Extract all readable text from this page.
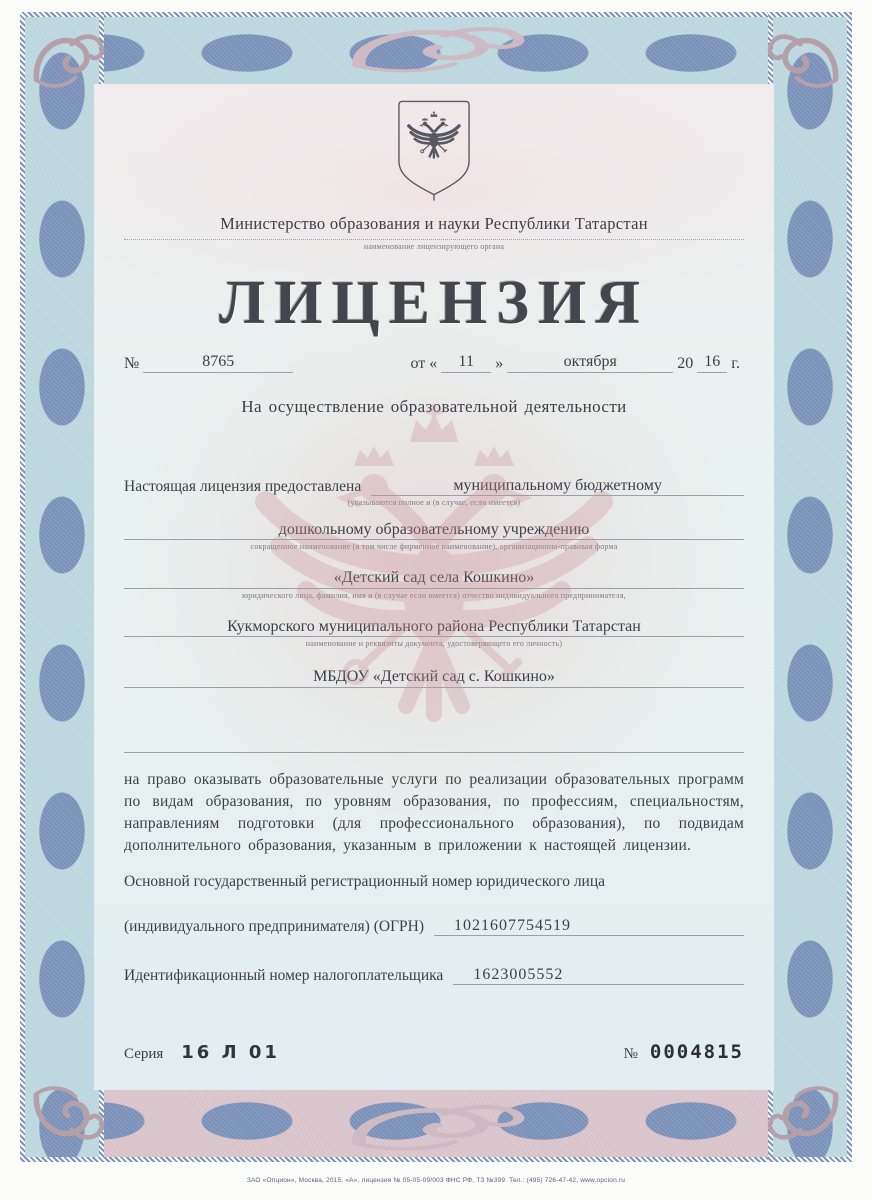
Министерство образования и науки Республики Татарстан
наименование лицензирующего органа
ЛИЦЕНЗИЯ
№	8765	от «	11	»	октября	20 16 г.
На осуществление образовательной деятельности
Настоящая лицензия предоставлена	муниципальному бюджетному
(указываются полное и (в случае, если имеется)
дошкольному образовательному учреждению
сокращенное наименование (в том числе фирменное наименование), организационно-правовая форма
«Детский сад села Кошкино»
юридического лица, фамилия, имя и (в случае если имеется) отчество индивидуального предпринимателя,
Кукморского муниципального района Республики Татарстан
наименование и реквизиты документа, удостоверяющего его личность)
МБДОУ «Детский сад с. Кошкино»

на право оказывать образовательные услуги по реализации образовательных программ по видам образования, по уровням образования, по профессиям, специальностям, направлениям подготовки (для профессионального образования), по подвидам дополнительного образования, указанным в приложении к настоящей лицензии.

Основной государственный регистрационный номер юридического лица
(индивидуального предпринимателя) (ОГРН)	1021607754519
Идентификационный номер налогоплательщика	1623005552
Серия 16 Л 01	№ 0004815
ЗАО «Опцион», Москва, 2015, «А», лицензия № 05-05-09/003 ФНС РФ, ТЗ №399. Тел.: (495) 726-47-42, www.opcion.ru
